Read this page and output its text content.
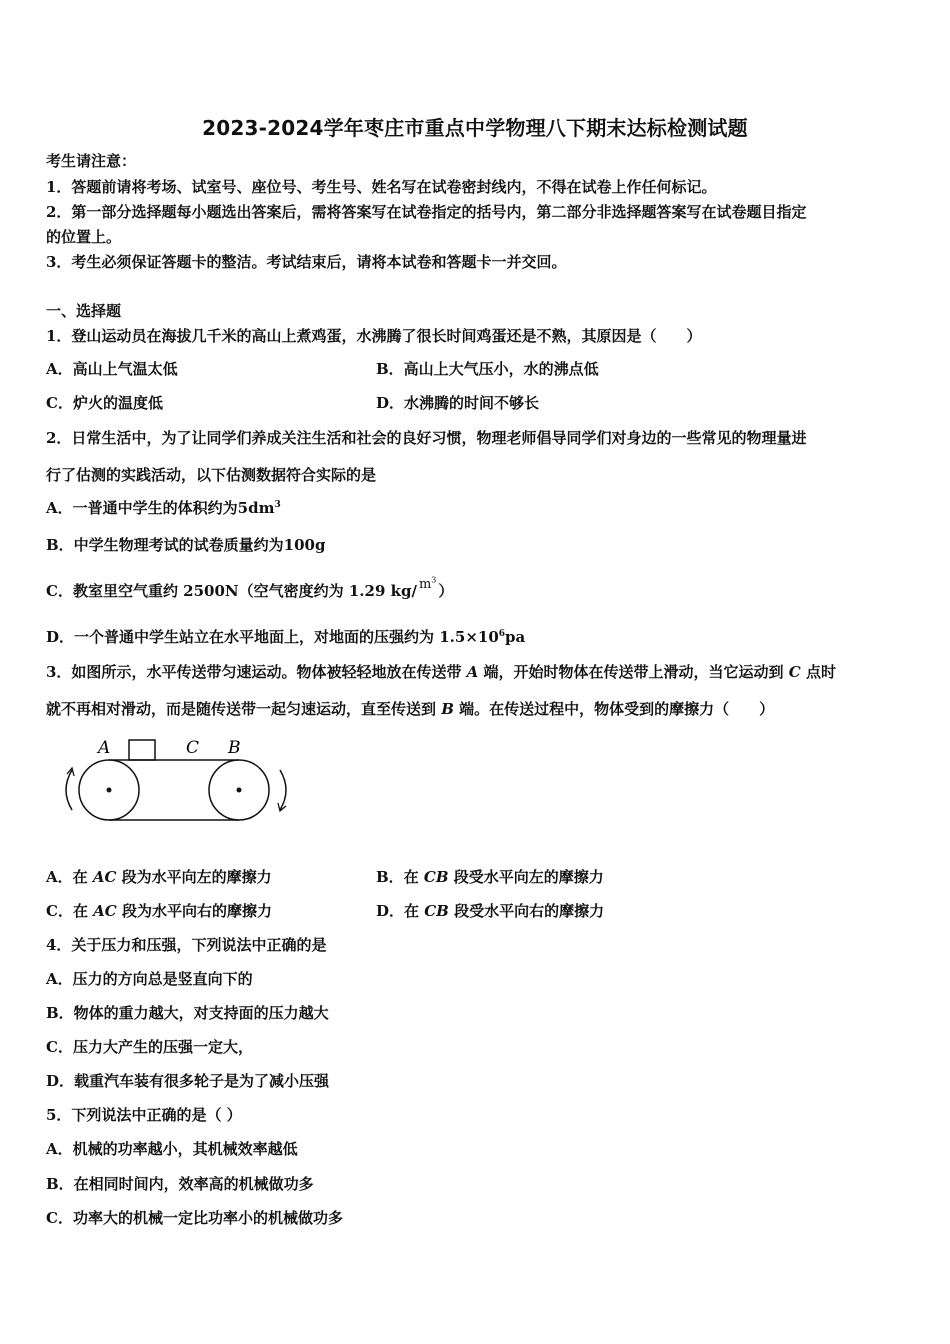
2023-2024学年枣庄市重点中学物理八下期末达标检测试题
考生请注意：
1．答题前请将考场、试室号、座位号、考生号、姓名写在试卷密封线内，不得在试卷上作任何标记。
2．第一部分选择题每小题选出答案后，需将答案写在试卷指定的括号内，第二部分非选择题答案写在试卷题目指定
的位置上。
3．考生必须保证答题卡的整洁。考试结束后，请将本试卷和答题卡一并交回。
一、选择题
1．登山运动员在海拔几千米的高山上煮鸡蛋，水沸腾了很长时间鸡蛋还是不熟，其原因是（　　）
A．高山上气温太低	B．高山上大气压小，水的沸点低
C．炉火的温度低	D．水沸腾的时间不够长
2．日常生活中，为了让同学们养成关注生活和社会的良好习惯，物理老师倡导同学们对身边的一些常见的物理量进
行了估测的实践活动，以下估测数据符合实际的是
A．一普通中学生的体积约为$5dm^3$
B．中学生物理考试的试卷质量约为100g
C．教室里空气重约 2500N（空气密度约为 1.29 kg/ $m^3$）
D．一个普通中学生站立在水平地面上，对地面的压强约为 $1.5\times 10^6pa$
3．如图所示，水平传送带匀速运动。物体被轻轻地放在传送带 A 端，开始时物体在传送带上滑动，当它运动到 C 点时
就不再相对滑动，而是随传送带一起匀速运动，直至传送到 B 端。在传送过程中，物体受到的摩擦力（　　）
A	C B
A．在 AC 段为水平向左的摩擦力	B．在 CB 段受水平向左的摩擦力
C．在 AC 段为水平向右的摩擦力	D．在 CB 段受水平向右的摩擦力
4．关于压力和压强，下列说法中正确的是
A．压力的方向总是竖直向下的
B．物体的重力越大，对支持面的压力越大
C．压力大产生的压强一定大，
D．载重汽车装有很多轮子是为了减小压强
5．下列说法中正确的是（ ）
A．机械的功率越小，其机械效率越低
B．在相同时间内，效率高的机械做功多
C．功率大的机械一定比功率小的机械做功多
